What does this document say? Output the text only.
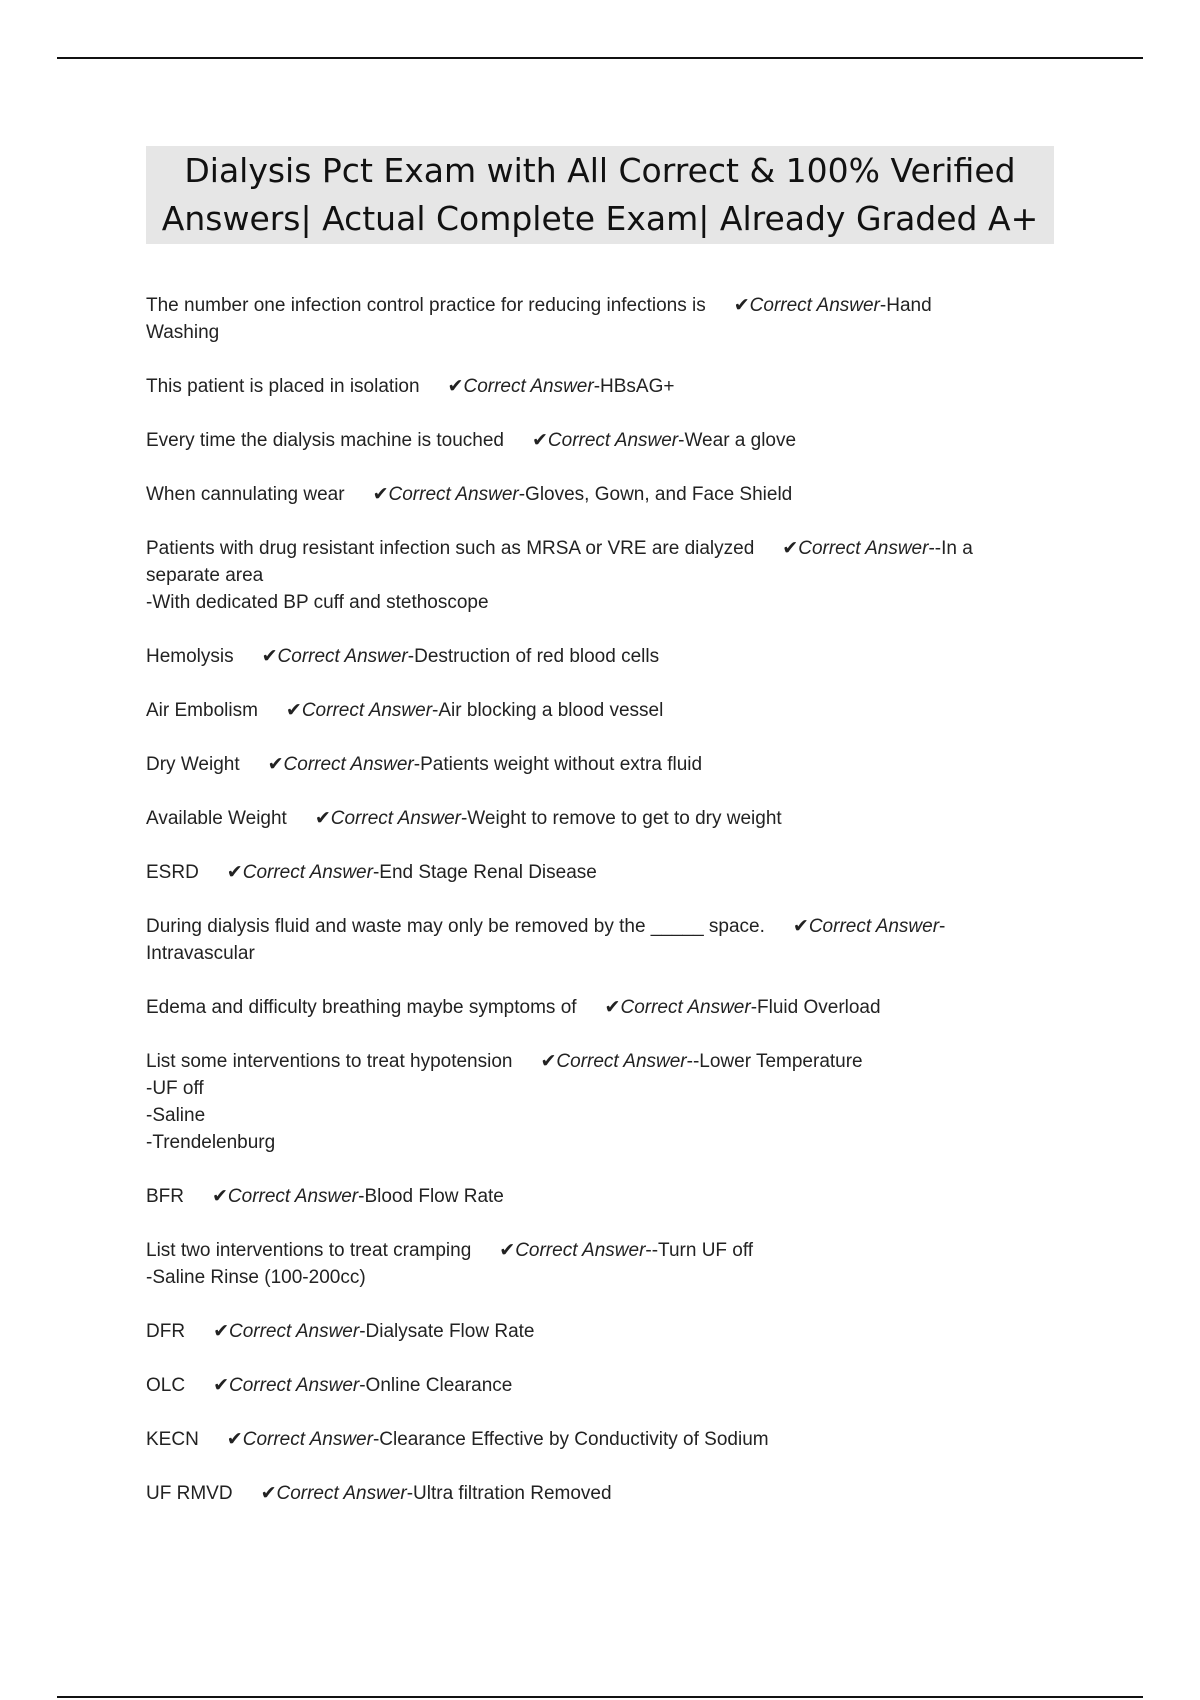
Dialysis Pct Exam with All Correct & 100% Verified
Answers| Actual Complete Exam| Already Graded A+
The number one infection control practice for reducing infections is ✔Correct Answer-Hand
Washing
This patient is placed in isolation ✔Correct Answer-HBsAG+
Every time the dialysis machine is touched ✔Correct Answer-Wear a glove
When cannulating wear ✔Correct Answer-Gloves, Gown, and Face Shield
Patients with drug resistant infection such as MRSA or VRE are dialyzed ✔Correct Answer--In a
separate area
-With dedicated BP cuff and stethoscope
Hemolysis ✔Correct Answer-Destruction of red blood cells
Air Embolism ✔Correct Answer-Air blocking a blood vessel
Dry Weight ✔Correct Answer-Patients weight without extra fluid
Available Weight ✔Correct Answer-Weight to remove to get to dry weight
ESRD ✔Correct Answer-End Stage Renal Disease
During dialysis fluid and waste may only be removed by the _____ space. ✔Correct Answer-
Intravascular
Edema and difficulty breathing maybe symptoms of ✔Correct Answer-Fluid Overload
List some interventions to treat hypotension ✔Correct Answer--Lower Temperature
-UF off
-Saline
-Trendelenburg
BFR ✔Correct Answer-Blood Flow Rate
List two interventions to treat cramping ✔Correct Answer--Turn UF off
-Saline Rinse (100-200cc)
DFR ✔Correct Answer-Dialysate Flow Rate
OLC ✔Correct Answer-Online Clearance
KECN ✔Correct Answer-Clearance Effective by Conductivity of Sodium
UF RMVD ✔Correct Answer-Ultra filtration Removed
